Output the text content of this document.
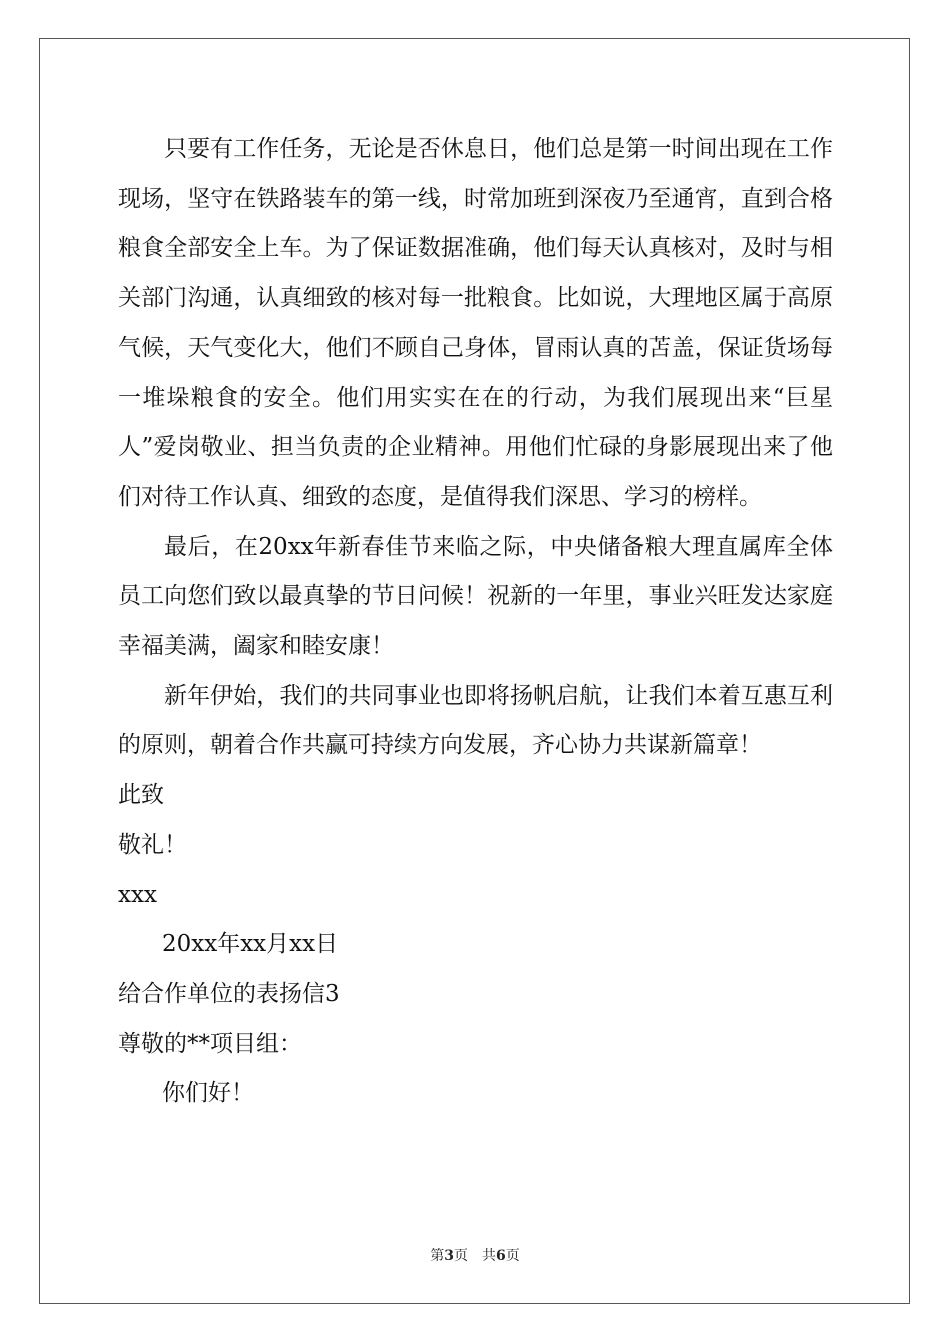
只要有工作任务，无论是否休息日，他们总是第一时间出现在工作现场，坚守在铁路装车的第一线，时常加班到深夜乃至通宵，直到合格粮食全部安全上车。为了保证数据准确，他们每天认真核对，及时与相关部门沟通，认真细致的核对每一批粮食。比如说，大理地区属于高原气候，天气变化大，他们不顾自己身体，冒雨认真的苫盖，保证货场每一堆垛粮食的安全。他们用实实在在的行动，为我们展现出来“巨星人”爱岗敬业、担当负责的企业精神。用他们忙碌的身影展现出来了他们对待工作认真、细致的态度，是值得我们深思、学习的榜样。

最后，在20xx年新春佳节来临之际，中央储备粮大理直属库全体员工向您们致以最真挚的节日问候！祝新的一年里，事业兴旺发达家庭幸福美满，阖家和睦安康！

新年伊始，我们的共同事业也即将扬帆启航，让我们本着互惠互利的原则，朝着合作共赢可持续方向发展，齐心协力共谋新篇章！

此致

敬礼！

xxx

20xx年xx月xx日

给合作单位的表扬信3

尊敬的**项目组：

你们好！

第3页 共6页
